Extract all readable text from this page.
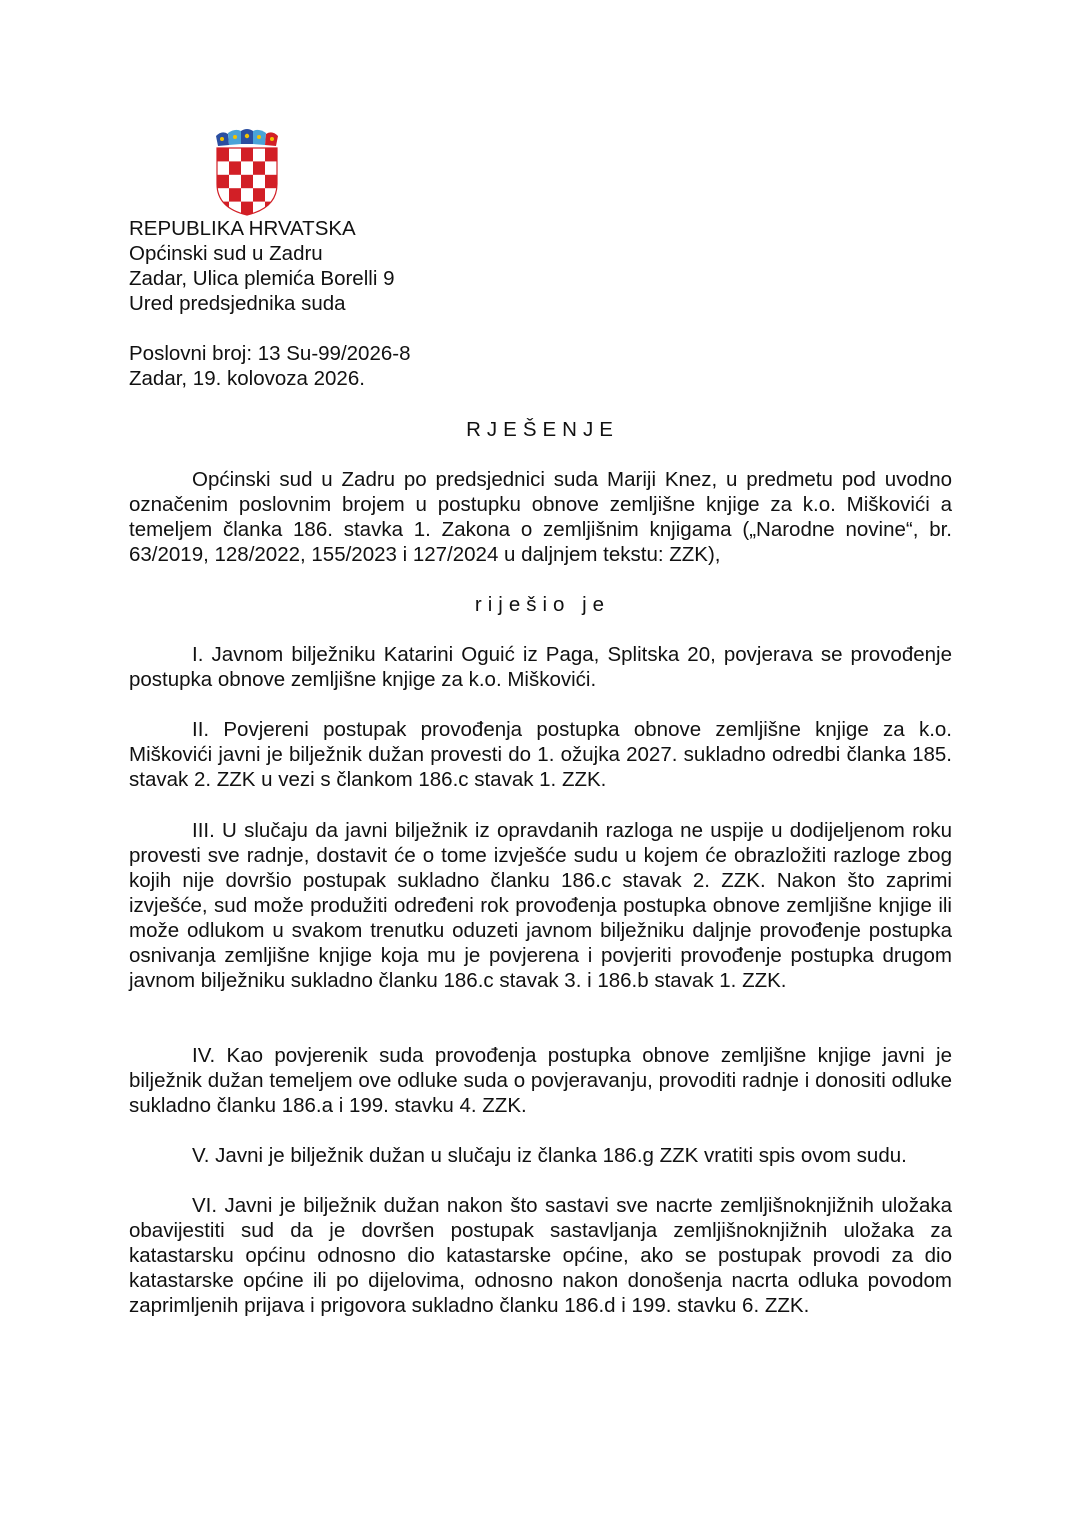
REPUBLIKA HRVATSKA
Općinski sud u Zadru
Zadar, Ulica plemića Borelli 9
Ured predsjednika suda
Poslovni broj: 13 Su-99/2026-8
Zadar, 19. kolovoza 2026.
RJEŠENJE

Općinski sud u Zadru po predsjednici suda Mariji Knez, u predmetu pod uvodno označenim poslovnim brojem u postupku obnove zemljišne knjige za k.o. Miškovići a temeljem članka 186. stavka 1. Zakona o zemljišnim knjigama („Narodne novine“, br. 63/2019, 128/2022, 155/2023 i 127/2024 u daljnjem tekstu: ZZK),

riješio je

I. Javnom bilježniku Katarini Oguić iz Paga, Splitska 20, povjerava se provođenje postupka obnove zemljišne knjige za k.o. Miškovići.

II. Povjereni postupak provođenja postupka obnove zemljišne knjige za k.o. Miškovići javni je bilježnik dužan provesti do 1. ožujka 2027. sukladno odredbi članka 185. stavak 2. ZZK u vezi s člankom 186.c stavak 1. ZZK.

III. U slučaju da javni bilježnik iz opravdanih razloga ne uspije u dodijeljenom roku provesti sve radnje, dostavit će o tome izvješće sudu u kojem će obrazložiti razloge zbog kojih nije dovršio postupak sukladno članku 186.c stavak 2. ZZK. Nakon što zaprimi izvješće, sud može produžiti određeni rok provođenja postupka obnove zemljišne knjige ili može odlukom u svakom trenutku oduzeti javnom bilježniku daljnje provođenje postupka osnivanja zemljišne knjige koja mu je povjerena i povjeriti provođenje postupka drugom javnom bilježniku sukladno članku 186.c stavak 3. i 186.b stavak 1. ZZK.

IV. Kao povjerenik suda provođenja postupka obnove zemljišne knjige javni je bilježnik dužan temeljem ove odluke suda o povjeravanju, provoditi radnje i donositi odluke sukladno članku 186.a i 199. stavku 4. ZZK.

V. Javni je bilježnik dužan u slučaju iz članka 186.g ZZK vratiti spis ovom sudu.

VI. Javni je bilježnik dužan nakon što sastavi sve nacrte zemljišnoknjižnih uložaka obavijestiti sud da je dovršen postupak sastavljanja zemljišnoknjižnih uložaka za katastarsku općinu odnosno dio katastarske općine, ako se postupak provodi za dio katastarske općine ili po dijelovima, odnosno nakon donošenja nacrta odluka povodom zaprimljenih prijava i prigovora sukladno članku 186.d i 199. stavku 6. ZZK.
